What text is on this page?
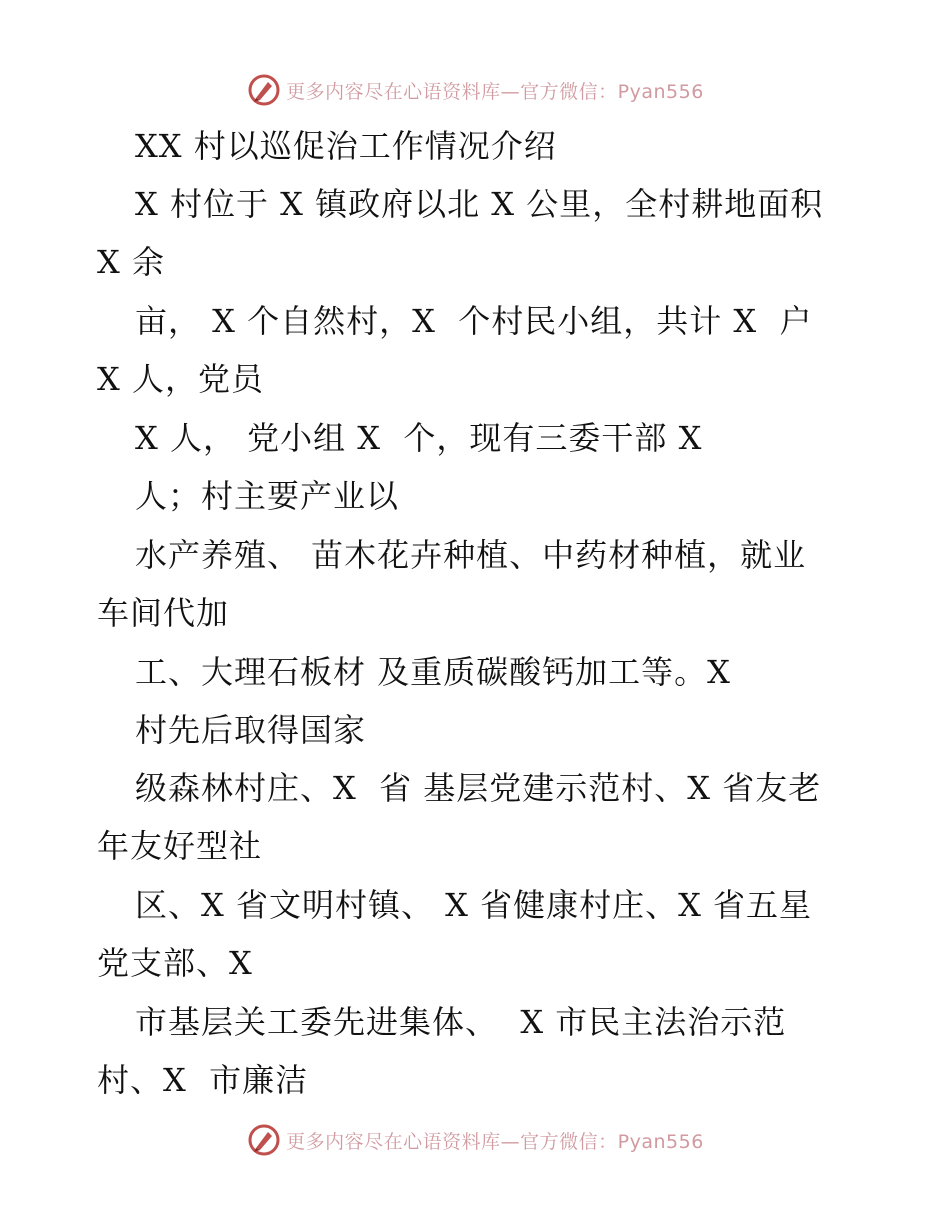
更多内容尽在心语资料库—官方微信：Pyan556
XX 村以巡促治工作情况介绍
X 村位于 X 镇政府以北 X 公里，全村耕地面积
X 余
亩， X 个自然村，X  个村民小组，共计 X  户
X 人，党员
X 人， 党小组 X  个，现有三委干部 X
人；村主要产业以
水产养殖、 苗木花卉种植、中药材种植，就业
车间代加
工、大理石板材 及重质碳酸钙加工等。X
村先后取得国家
级森林村庄、X  省 基层党建示范村、X 省友老
年友好型社
区、X 省文明村镇、 X 省健康村庄、X 省五星
党支部、X
市基层关工委先进集体、  X 市民主法治示范
村、X  市廉洁
更多内容尽在心语资料库—官方微信：Pyan556
